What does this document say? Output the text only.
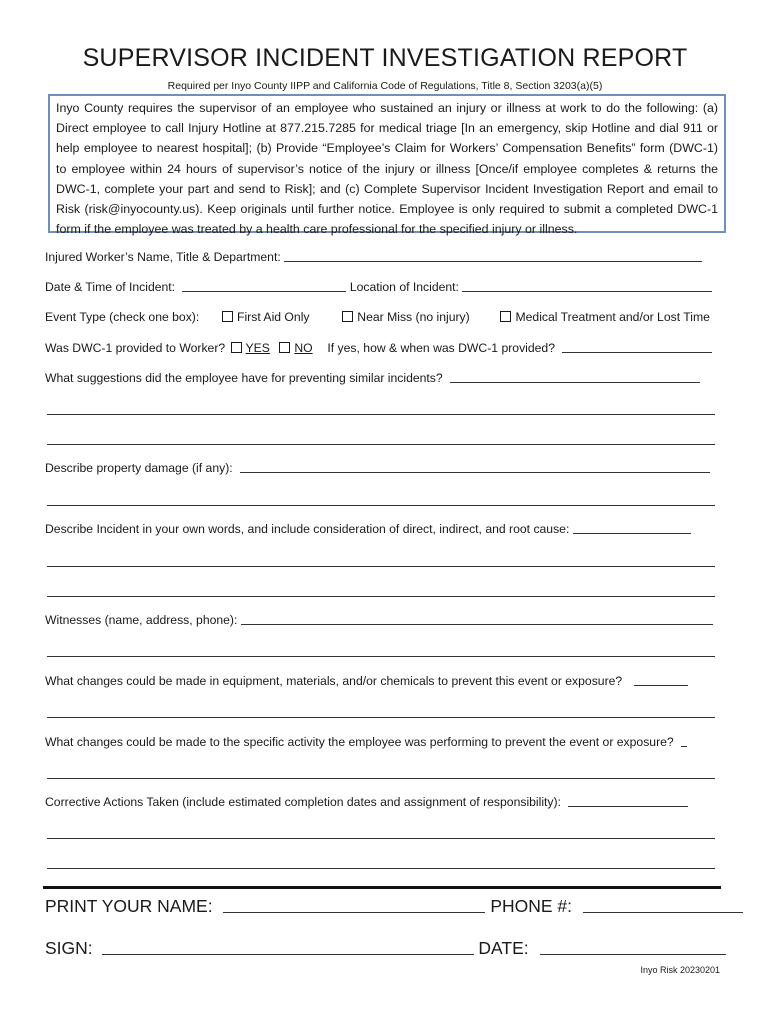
SUPERVISOR INCIDENT INVESTIGATION REPORT
Required per Inyo County IIPP and California Code of Regulations, Title 8, Section 3203(a)(5)
Inyo County requires the supervisor of an employee who sustained an injury or illness at work to do the following: (a) Direct employee to call Injury Hotline at 877.215.7285 for medical triage [In an emergency, skip Hotline and dial 911 or help employee to nearest hospital]; (b) Provide “Employee’s Claim for Workers’ Compensation Benefits” form (DWC-1) to employee within 24 hours of supervisor’s notice of the injury or illness [Once/if employee completes & returns the DWC-1, complete your part and send to Risk]; and (c) Complete Supervisor Incident Investigation Report and email to Risk (risk@inyocounty.us). Keep originals until further notice. Employee is only required to submit a completed DWC-1 form if the employee was treated by a health care professional for the specified injury or illness.
Injured Worker’s Name, Title & Department:
Date & Time of Incident:	Location of Incident:
Event Type (check one box):	First Aid Only	Near Miss (no injury)	Medical Treatment and/or Lost Time
Was DWC-1 provided to Worker? YES NO If yes, how & when was DWC-1 provided?
What suggestions did the employee have for preventing similar incidents?
Describe property damage (if any):
Describe Incident in your own words, and include consideration of direct, indirect, and root cause:
Witnesses (name, address, phone):
What changes could be made in equipment, materials, and/or chemicals to prevent this event or exposure?
What changes could be made to the specific activity the employee was performing to prevent the event or exposure?
Corrective Actions Taken (include estimated completion dates and assignment of responsibility):
PRINT YOUR NAME:	PHONE #:
SIGN:	DATE:
Inyo Risk 20230201
